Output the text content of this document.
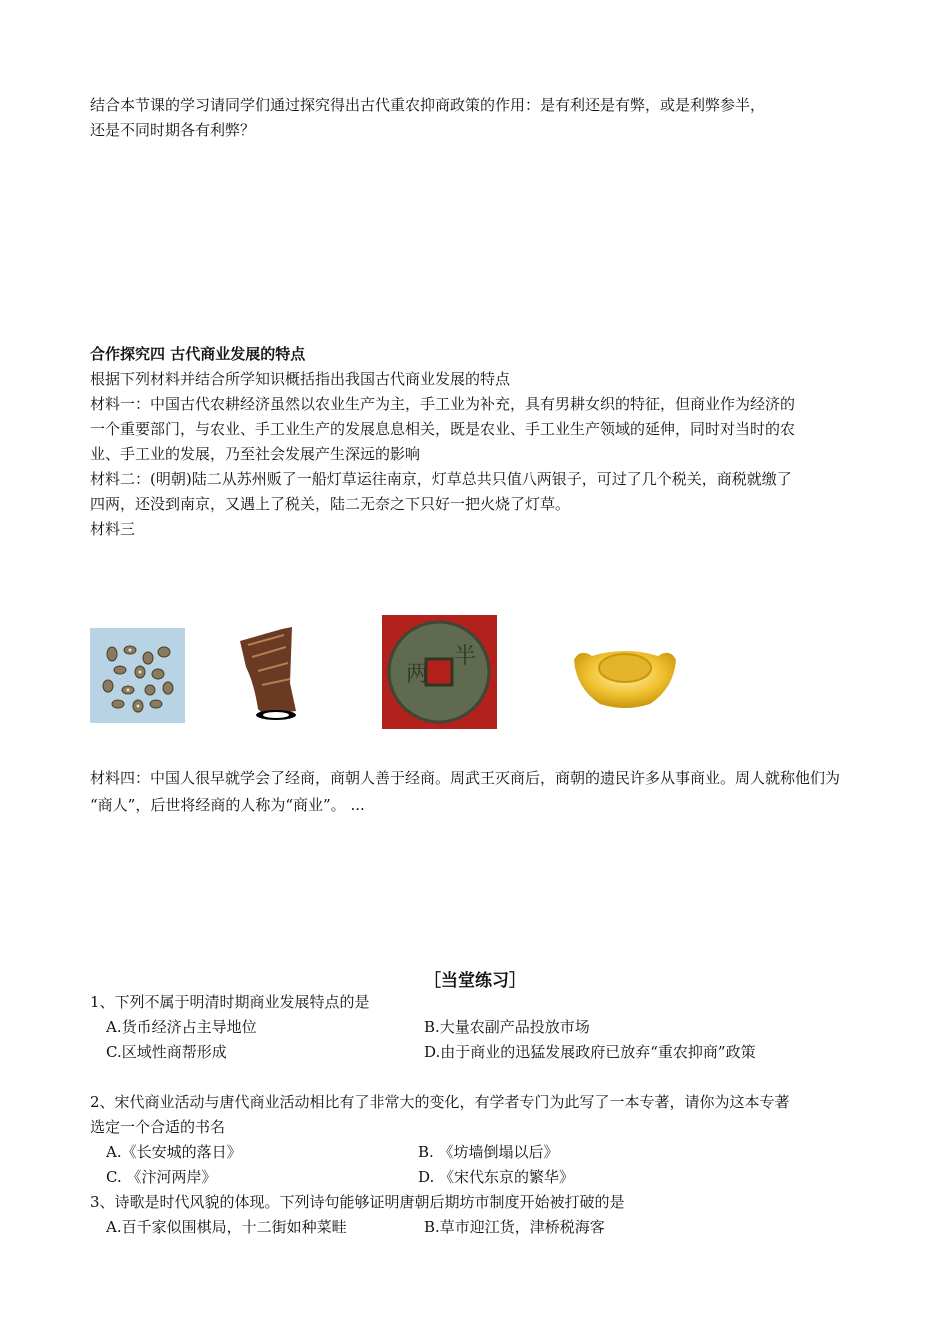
结合本节课的学习请同学们通过探究得出古代重农抑商政策的作用：是有利还是有弊，或是利弊参半，
还是不同时期各有利弊？
合作探究四 古代商业发展的特点
根据下列材料并结合所学知识概括指出我国古代商业发展的特点
材料一：中国古代农耕经济虽然以农业生产为主，手工业为补充，具有男耕女织的特征，但商业作为经济的
一个重要部门，与农业、手工业生产的发展息息相关，既是农业、手工业生产领域的延伸，同时对当时的农
业、手工业的发展，乃至社会发展产生深远的影响
材料二：(明朝)陆二从苏州贩了一船灯草运往南京，灯草总共只值八两银子，可过了几个税关，商税就缴了
四两，还没到南京，又遇上了税关，陆二无奈之下只好一把火烧了灯草。
材料三
两
半
材料四：中国人很早就学会了经商，商朝人善于经商。周武王灭商后，商朝的遗民许多从事商业。周人就称他们为
“商人”，后世将经商的人称为“商业”。 ...
［当堂练习］
1、下列不属于明清时期商业发展特点的是
A.货币经济占主导地位	B.大量农副产品投放市场
C.区域性商帮形成	D.由于商业的迅猛发展政府已放弃“重农抑商”政策
2、宋代商业活动与唐代商业活动相比有了非常大的变化，有学者专门为此写了一本专著，请你为这本专著
选定一个合适的书名
A.《长安城的落日》	B. 《坊墙倒塌以后》
C. 《汴河两岸》	D. 《宋代东京的繁华》
3、诗歌是时代风貌的体现。下列诗句能够证明唐朝后期坊市制度开始被打破的是
A.百千家似围棋局，十二街如种菜畦	B.草市迎江货，津桥税海客
